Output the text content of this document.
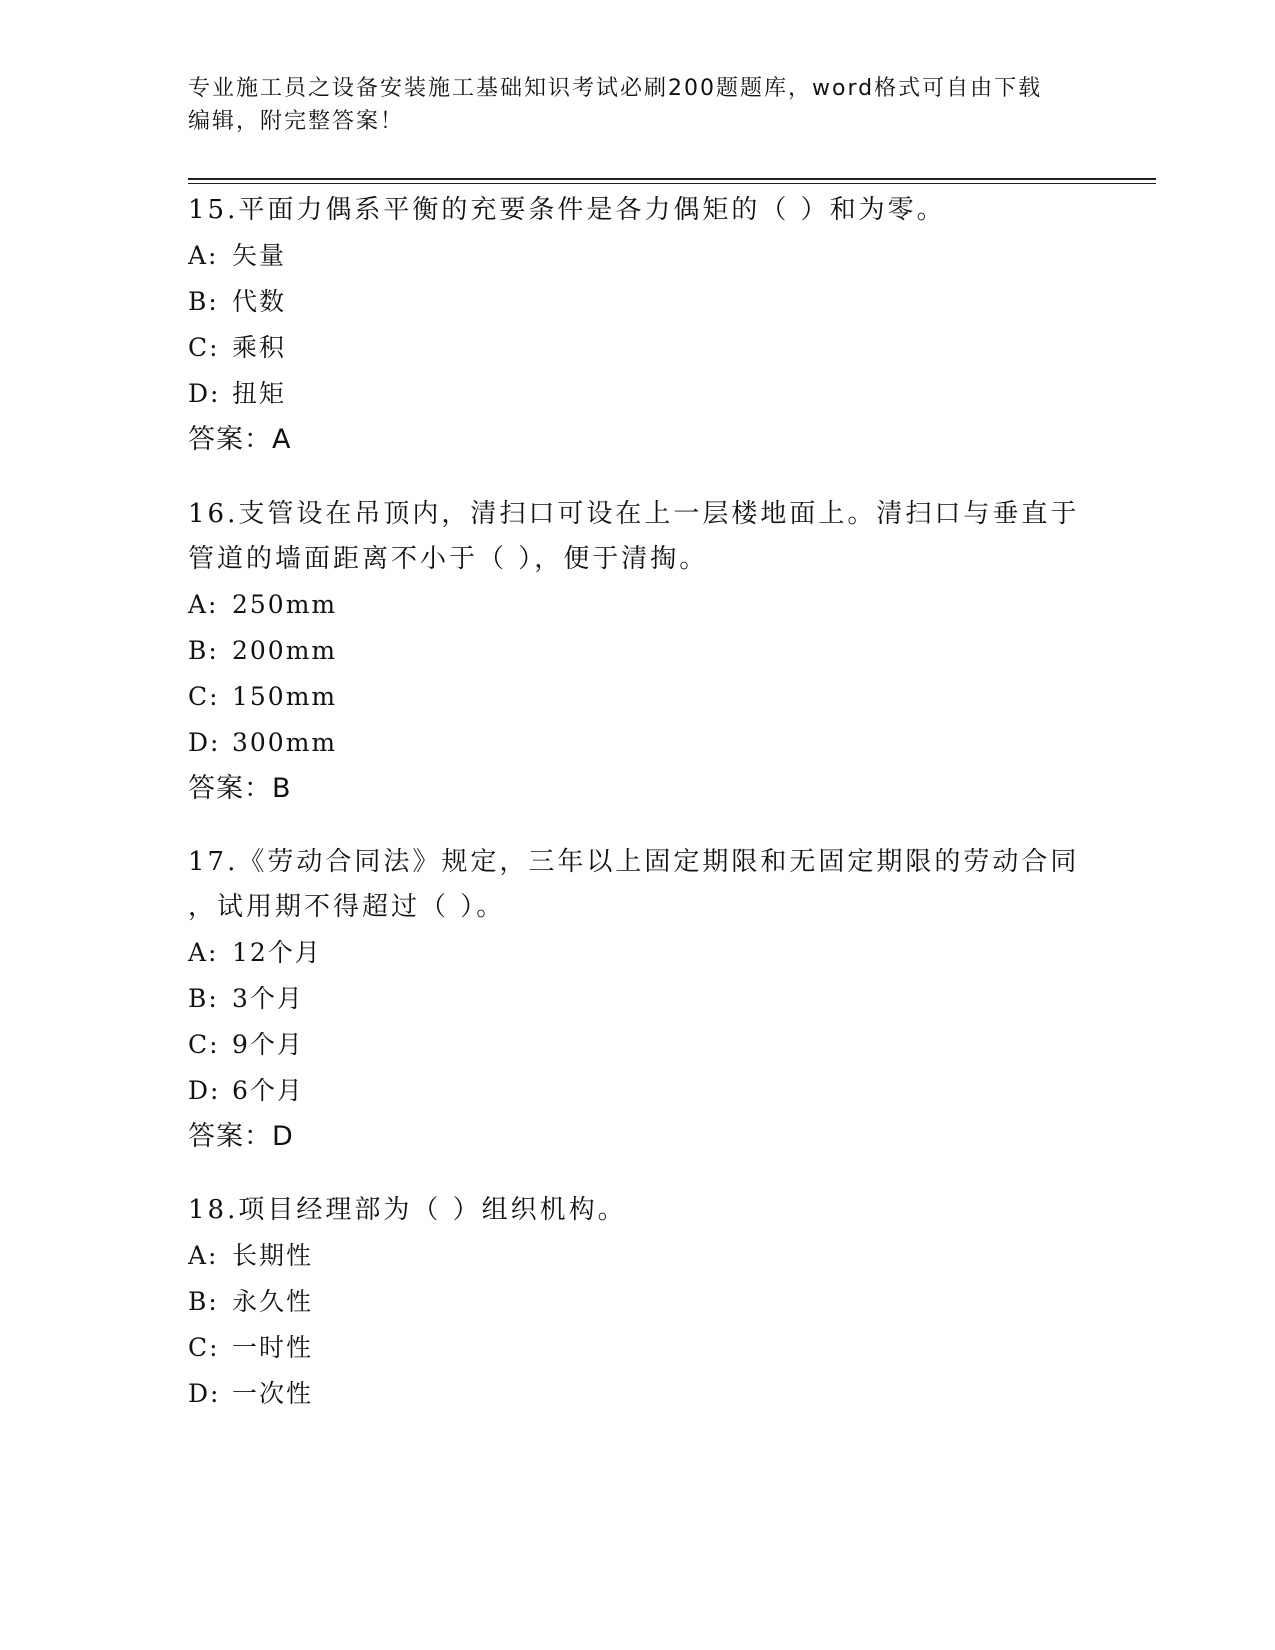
专业施工员之设备安装施工基础知识考试必刷200题题库，word格式可自由下载
编辑，附完整答案！
15.平面力偶系平衡的充要条件是各力偶矩的（ ）和为零。
A: 矢量
B: 代数
C: 乘积
D: 扭矩
答案：A
16.支管设在吊顶内，清扫口可设在上一层楼地面上。清扫口与垂直于
管道的墙面距离不小于（ ），便于清掏。
A: 250mm
B: 200mm
C: 150mm
D: 300mm
答案：B
17.《劳动合同法》规定，三年以上固定期限和无固定期限的劳动合同
，试用期不得超过（ ）。
A: 12个月
B: 3个月
C: 9个月
D: 6个月
答案：D
18.项目经理部为（ ）组织机构。
A: 长期性
B: 永久性
C: 一时性
D: 一次性
